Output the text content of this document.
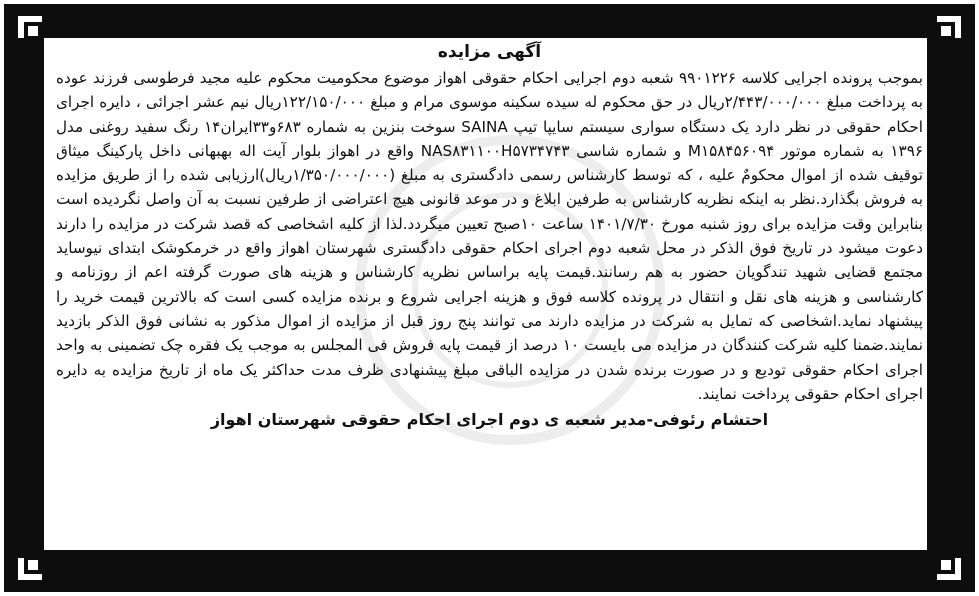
آگهی مزایده

بموجب پرونده اجرایی کلاسه ۹۹۰۱۲۲۶ شعبه دوم اجرایی احکام حقوقی اهواز موضوع محکومیت محکوم علیه مجید فرطوسی فرزند عوده به پرداخت مبلغ ۲/۴۴۳/۰۰۰/۰۰۰ریال در حق محکوم له سیده سکینه موسوی مرام و مبلغ ۱۲۲/۱۵۰/۰۰۰ریال نیم عشر اجرائی ، دایره اجرای احکام حقوقی در نظر دارد یک دستگاه سواری سیستم سایپا تیپ SAINA سوخت بنزین به شماره ۶۸۳و۳۳ایران۱۴ رنگ سفید روغنی مدل ۱۳۹۶ به شماره موتور M۱۵۸۴۵۶۰۹۴ و شماره شاسی NAS۸۳۱۱۰۰H۵۷۳۴۷۴۳ واقع در اهواز بلوار آیت اله بهبهانی داخل پارکینگ میثاق توقیف شده از اموال محکومٌ علیه ، که توسط کارشناس رسمی دادگستری به مبلغ (۱/۳۵۰/۰۰۰/۰۰۰ریال)ارزیابی شده را از طریق مزایده به فروش بگذارد.نظر به اینکه نظریه کارشناس به طرفین ابلاغ و در موعد قانونی هیچ اعتراضی از طرفین نسبت به آن واصل نگردیده است بنابراین وقت مزایده برای روز شنبه مورخ ۱۴۰۱/۷/۳۰ ساعت ۱۰صبح تعیین میگردد.لذا از کلیه اشخاصی که قصد شرکت در مزایده را دارند دعوت میشود در تاریخ فوق الذکر در محل شعبه دوم اجرای احکام حقوقی دادگستری شهرستان اهواز واقع در خرمکوشک ابتدای نیوساید مجتمع قضایی شهید تندگویان حضور به هم رسانند.قیمت پایه براساس نظریه کارشناس و هزینه های صورت گرفته اعم از روزنامه و کارشناسی و هزینه های نقل و انتقال در پرونده کلاسه فوق و هزینه اجرایی شروع و برنده مزایده کسی است که بالاترین قیمت خرید را پیشنهاد نماید.اشخاصی که تمایل به شرکت در مزایده دارند می توانند پنج روز قبل از مزایده از اموال مذکور به نشانی فوق الذکر بازدید نمایند.ضمنا کلیه شرکت کنندگان در مزایده می بایست ۱۰ درصد از قیمت پایه فروش فی المجلس به موجب یک فقره چک تضمینی به واحد اجرای احکام حقوقی تودیع و در صورت برنده شدن در مزایده الباقی مبلغ پیشنهادی ظرف مدت حداکثر یک ماه از تاریخ مزایده به دایره اجرای احکام حقوقی پرداخت نمایند.

احتشام رئوفی-مدیر شعبه ی دوم اجرای احکام حقوقی شهرستان اهواز
